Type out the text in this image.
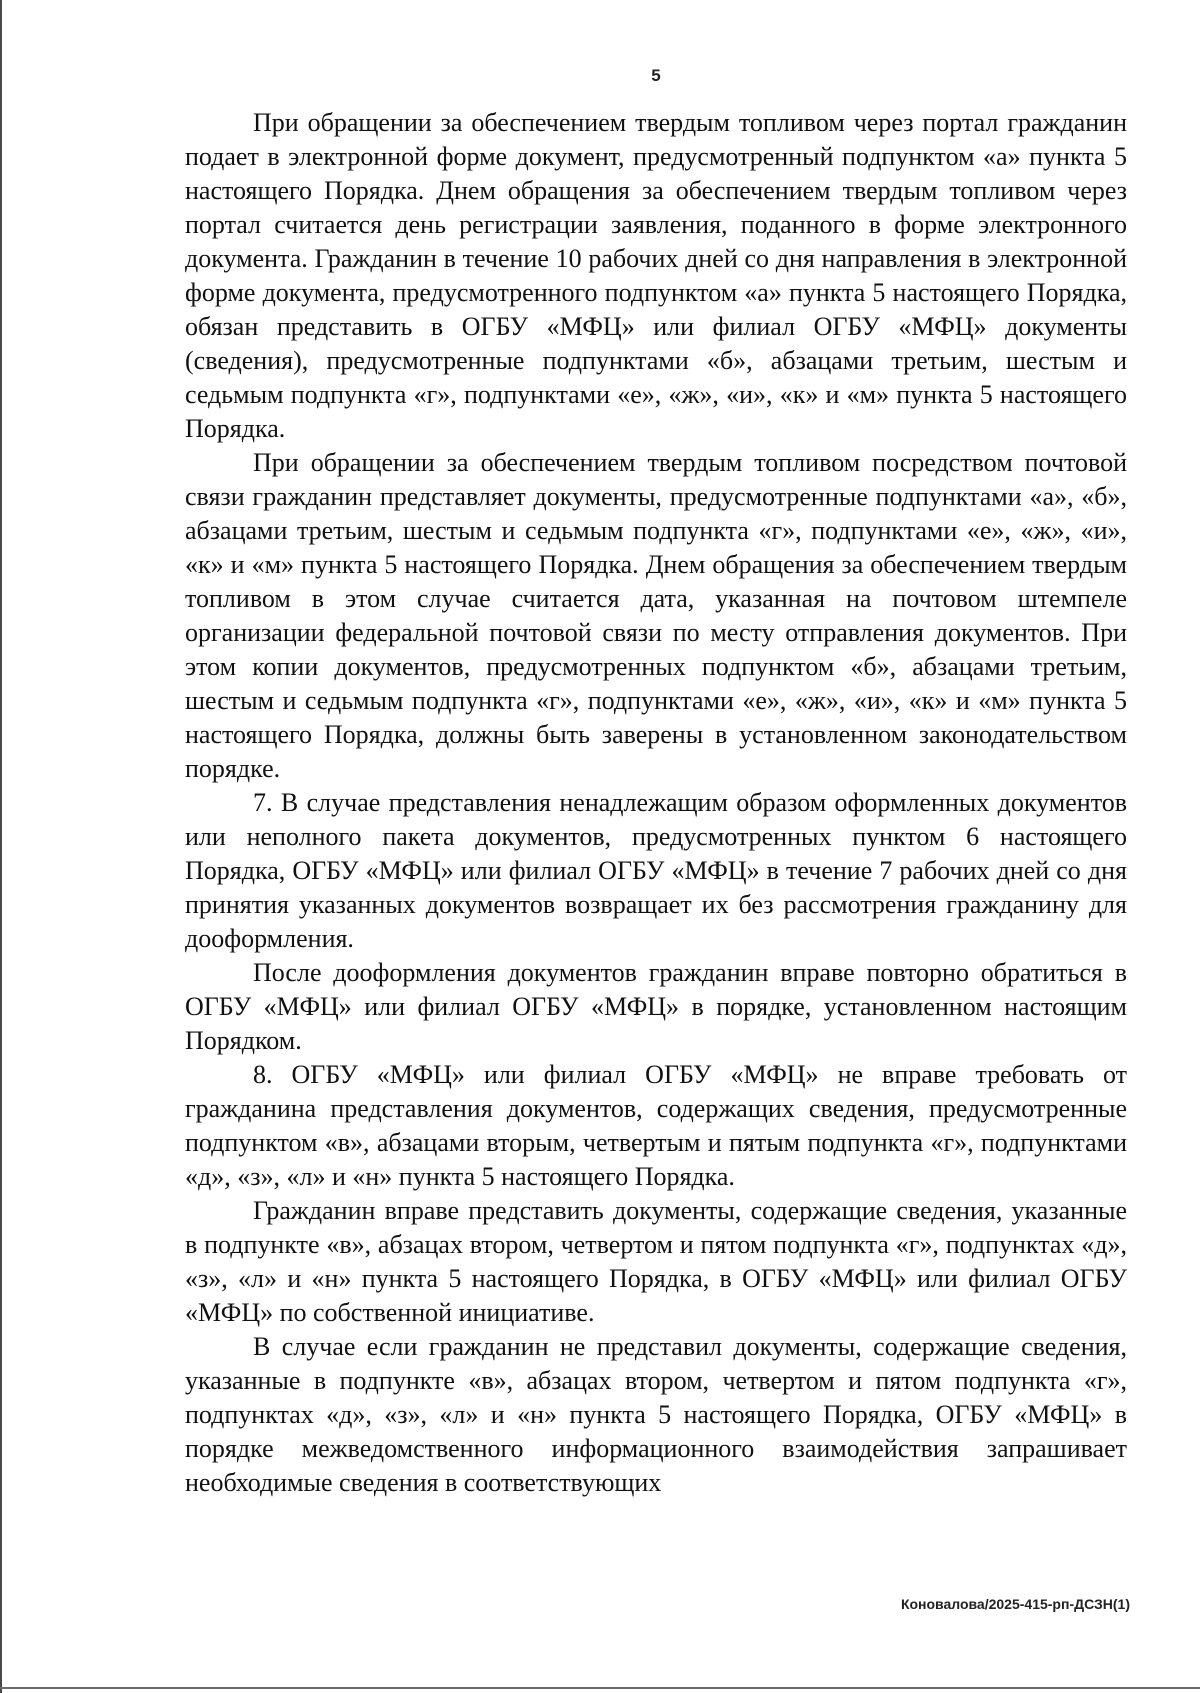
5

При обращении за обеспечением твердым топливом через портал гражданин подает в электронной форме документ, предусмотренный подпунктом «а» пункта 5 настоящего Порядка. Днем обращения за обеспечением твердым топливом через портал считается день регистрации заявления, поданного в форме электронного документа. Гражданин в течение 10 рабочих дней со дня направления в электронной форме документа, предусмотренного подпунктом «а» пункта 5 настоящего Порядка, обязан представить в ОГБУ «МФЦ» или филиал ОГБУ «МФЦ» документы (сведения), предусмотренные подпунктами «б», абзацами третьим, шестым и седьмым подпункта «г», подпунктами «е», «ж», «и», «к» и «м» пункта 5 настоящего Порядка.

При обращении за обеспечением твердым топливом посредством почтовой связи гражданин представляет документы, предусмотренные подпунктами «а», «б», абзацами третьим, шестым и седьмым подпункта «г», подпунктами «е», «ж», «и», «к» и «м» пункта 5 настоящего Порядка. Днем обращения за обеспечением твердым топливом в этом случае считается дата, указанная на почтовом штемпеле организации федеральной почтовой связи по месту отправления документов. При этом копии документов, предусмотренных подпунктом «б», абзацами третьим, шестым и седьмым подпункта «г», подпунктами «е», «ж», «и», «к» и «м» пункта 5 настоящего Порядка, должны быть заверены в установленном законодательством порядке.

7. В случае представления ненадлежащим образом оформленных документов или неполного пакета документов, предусмотренных пунктом 6 настоящего Порядка, ОГБУ «МФЦ» или филиал ОГБУ «МФЦ» в течение 7 рабочих дней со дня принятия указанных документов возвращает их без рассмотрения гражданину для дооформления.

После дооформления документов гражданин вправе повторно обратиться в ОГБУ «МФЦ» или филиал ОГБУ «МФЦ» в порядке, установленном настоящим Порядком.

8. ОГБУ «МФЦ» или филиал ОГБУ «МФЦ» не вправе требовать от гражданина представления документов, содержащих сведения, предусмотренные подпунктом «в», абзацами вторым, четвертым и пятым подпункта «г», подпунктами «д», «з», «л» и «н» пункта 5 настоящего Порядка.

Гражданин вправе представить документы, содержащие сведения, указанные в подпункте «в», абзацах втором, четвертом и пятом подпункта «г», подпунктах «д», «з», «л» и «н» пункта 5 настоящего Порядка, в ОГБУ «МФЦ» или филиал ОГБУ «МФЦ» по собственной инициативе.

В случае если гражданин не представил документы, содержащие сведения, указанные в подпункте «в», абзацах втором, четвертом и пятом подпункта «г», подпунктах «д», «з», «л» и «н» пункта 5 настоящего Порядка, ОГБУ «МФЦ» в порядке межведомственного информационного взаимодействия запрашивает необходимые сведения в соответствующих

Коновалова/2025-415-рп-ДСЗН(1)
